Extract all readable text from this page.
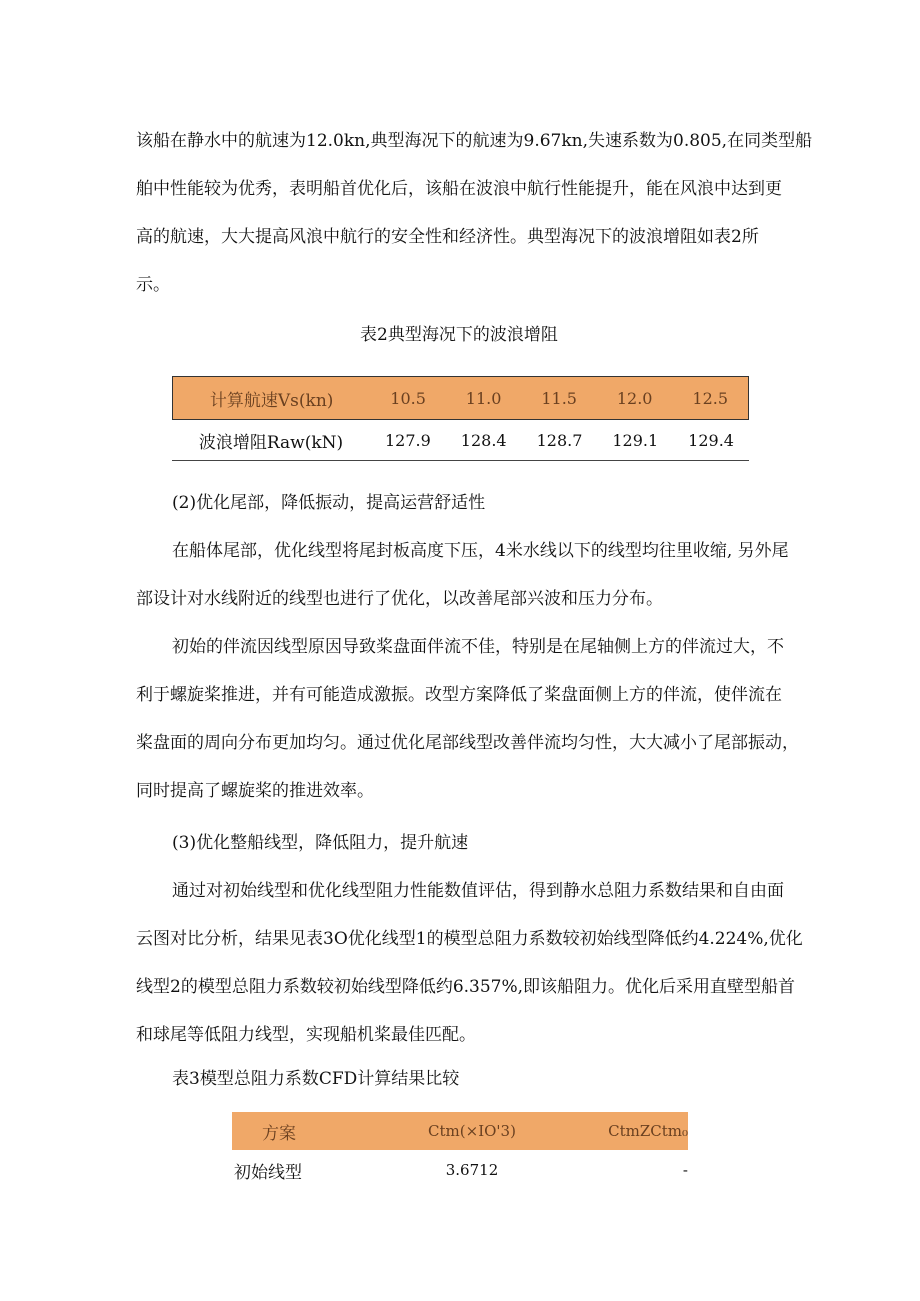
该船在静水中的航速为12.0kn,典型海况下的航速为9.67kn,失速系数为0.805,在同类型船
舶中性能较为优秀，表明船首优化后，该船在波浪中航行性能提升，能在风浪中达到更
高的航速，大大提高风浪中航行的安全性和经济性。典型海况下的波浪增阻如表2所
示。
表2典型海况下的波浪增阻
计算航速Vs(kn)	10.5	11.0	11.5	12.0	12.5
波浪增阻Raw(kN)	127.9	128.4	128.7	129.1	129.4
(2)优化尾部，降低振动，提高运营舒适性
在船体尾部，优化线型将尾封板高度下压，4米水线以下的线型均往里收缩, 另外尾
部设计对水线附近的线型也进行了优化，以改善尾部兴波和压力分布。
初始的伴流因线型原因导致桨盘面伴流不佳，特别是在尾轴侧上方的伴流过大，不
利于螺旋桨推进，并有可能造成激振。改型方案降低了桨盘面侧上方的伴流，使伴流在
桨盘面的周向分布更加均匀。通过优化尾部线型改善伴流均匀性，大大减小了尾部振动，
同时提高了螺旋桨的推进效率。
(3)优化整船线型，降低阻力，提升航速
通过对初始线型和优化线型阻力性能数值评估，得到静水总阻力系数结果和自由面
云图对比分析，结果见表3O优化线型1的模型总阻力系数较初始线型降低约4.224%,优化
线型2的模型总阻力系数较初始线型降低约6.357%,即该船阻力。优化后采用直壁型船首
和球尾等低阻力线型，实现船机桨最佳匹配。
表3模型总阻力系数CFD计算结果比较
方案	Ctm(×IO'3)	CtmZCtm₀
初始线型	3.6712	-
